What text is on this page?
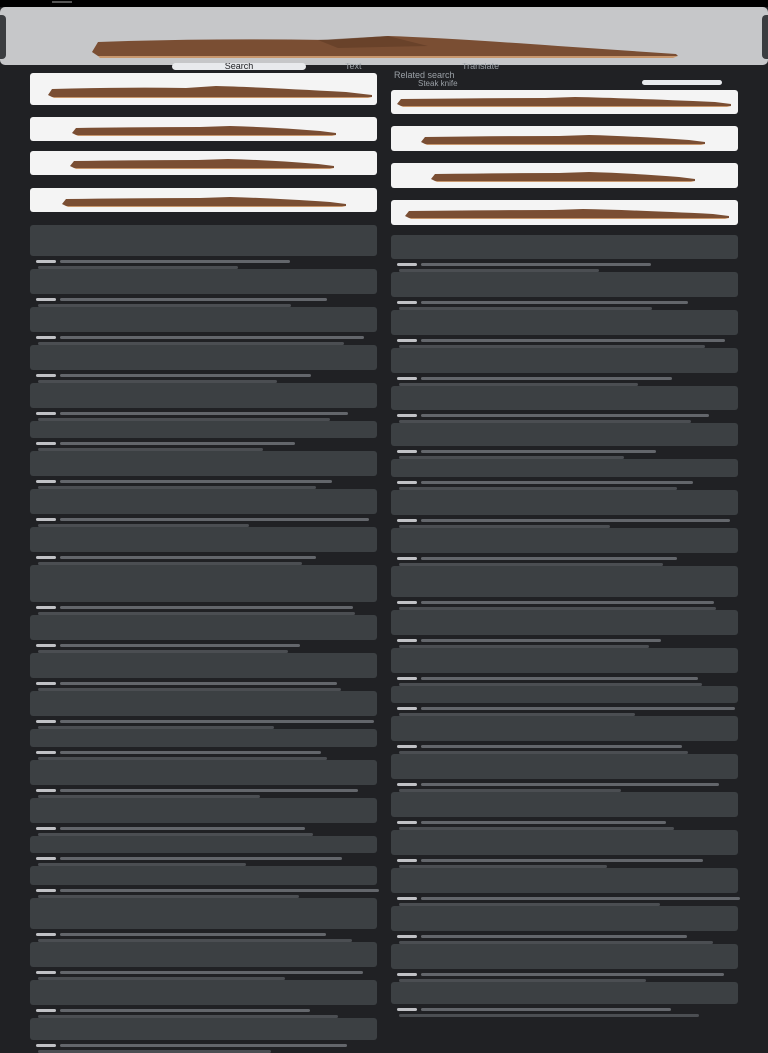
Search	Text	Translate
Related search
Steak knife
